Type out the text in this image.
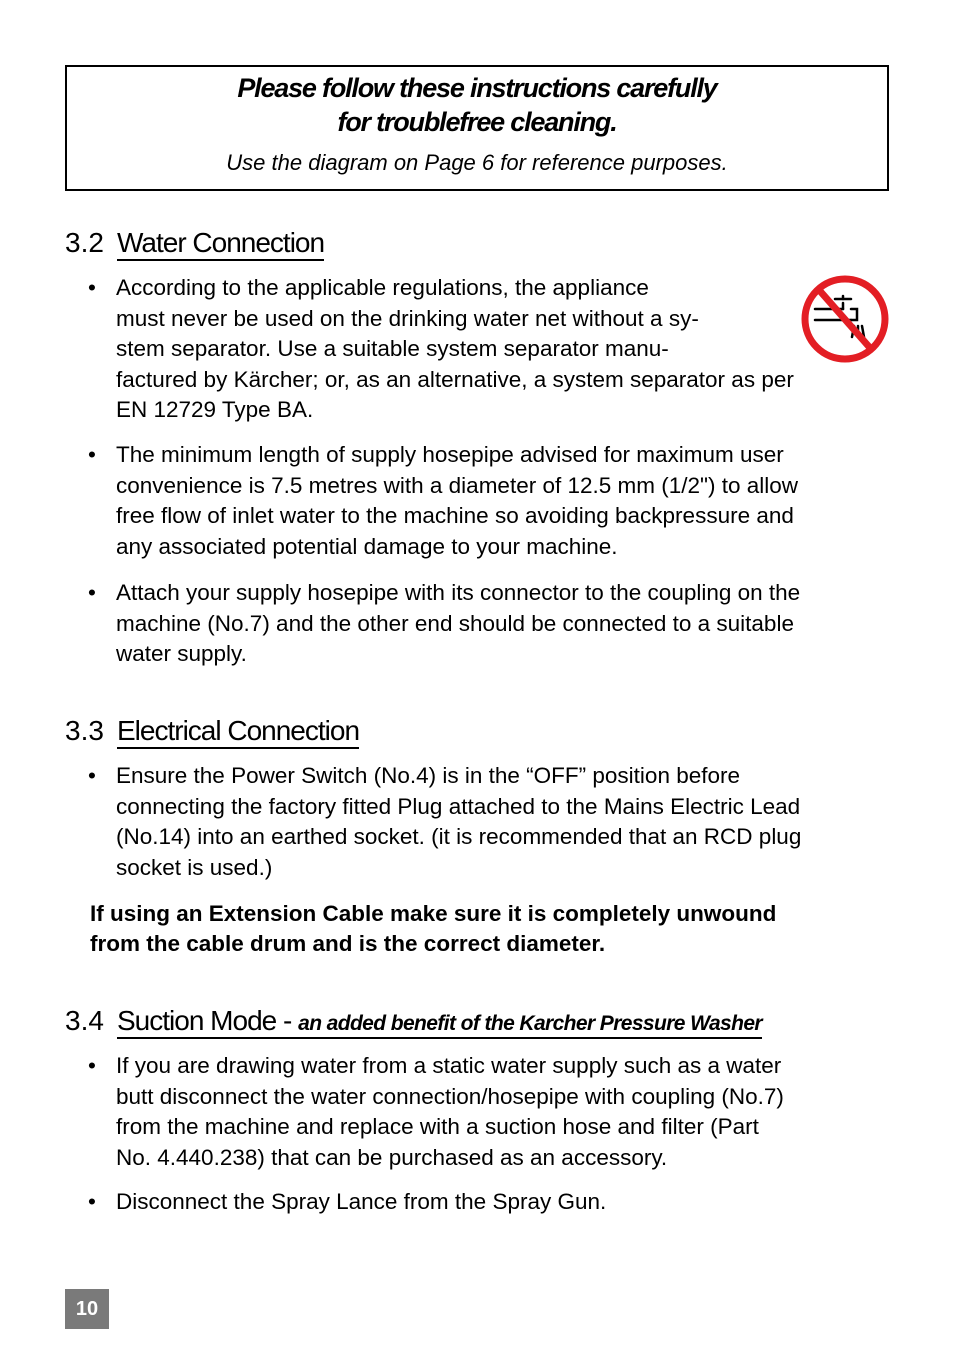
Please follow these instructions carefully
for troublefree cleaning.
Use the diagram on Page 6 for reference purposes.
3.2 Water Connection
• According to the applicable regulations, the appliance
must never be used on the drinking water net without a sy-
stem separator. Use a suitable system separator manu-
factured by Kärcher; or, as an alternative, a system separator as per
EN 12729 Type BA.
• The minimum length of supply hosepipe advised for maximum user
convenience is 7.5 metres with a diameter of 12.5 mm (1/2") to allow
free flow of inlet water to the machine so avoiding backpressure and
any associated potential damage to your machine.
• Attach your supply hosepipe with its connector to the coupling on the
machine (No.7) and the other end should be connected to a suitable
water supply.
3.3 Electrical Connection
• Ensure the Power Switch (No.4) is in the “OFF” position before
connecting the factory fitted Plug attached to the Mains Electric Lead
(No.14) into an earthed socket. (it is recommended that an RCD plug
socket is used.)
If using an Extension Cable make sure it is completely unwound
from the cable drum and is the correct diameter.
3.4 Suction Mode - an added benefit of the Karcher Pressure Washer
• If you are drawing water from a static water supply such as a water
butt disconnect the water connection/hosepipe with coupling (No.7)
from the machine and replace with a suction hose and filter (Part
No. 4.440.238) that can be purchased as an accessory.
• Disconnect the Spray Lance from the Spray Gun.
10
